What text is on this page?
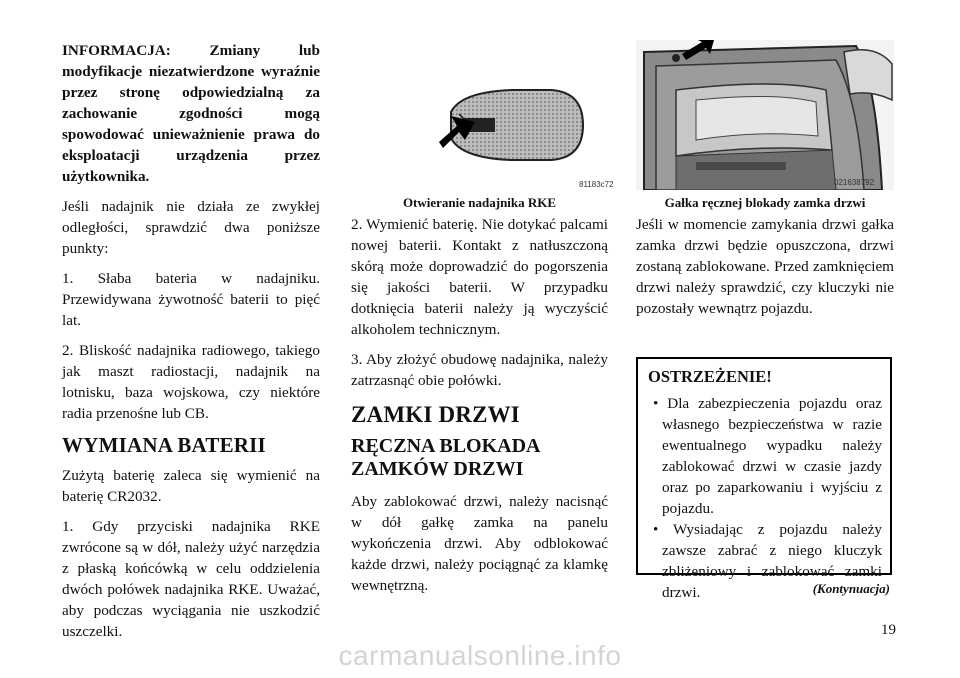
INFORMACJA: Zmiany lub modyfikacje niezatwierdzone wyraźnie przez stronę odpowiedzialną za zachowanie zgodności mogą spowodować unieważnienie prawa do eksploatacji urządzenia przez użytkownika.

Jeśli nadajnik nie działa ze zwykłej odległości, sprawdzić dwa poniższe punkty:

1. Słaba bateria w nadajniku. Przewidywana żywotność baterii to pięć lat.

2. Bliskość nadajnika radiowego, takiego jak maszt radiostacji, nadajnik na lotnisku, baza wojskowa, czy niektóre radia przenośne lub CB.

WYMIANA BATERII

Zużytą baterię zaleca się wymienić na baterię CR2032.

1. Gdy przyciski nadajnika RKE zwrócone są w dół, należy użyć narzędzia z płaską końcówką w celu oddzielenia dwóch połówek nadajnika RKE. Uważać, aby podczas wyciągania nie uszkodzić uszczelki.

81183c72
Otwieranie nadajnika RKE

2. Wymienić baterię. Nie dotykać palcami nowej baterii. Kontakt z natłuszczoną skórą może doprowadzić do pogorszenia się jakości baterii. W przypadku dotknięcia baterii należy ją wyczyścić alkoholem technicznym.

3. Aby złożyć obudowę nadajnika, należy zatrzasnąć obie połówki.

ZAMKI DRZWI
RĘCZNA BLOKADA ZAMKÓW DRZWI

Aby zablokować drzwi, należy nacisnąć w dół gałkę zamka na panelu wykończenia drzwi. Aby odblokować każde drzwi, należy pociągnąć za klamkę wewnętrzną.

021638792
Gałka ręcznej blokady zamka drzwi

Jeśli w momencie zamykania drzwi gałka zamka drzwi będzie opuszczona, drzwi zostaną zablokowane. Przed zamknięciem drzwi należy sprawdzić, czy kluczyki nie pozostały wewnątrz pojazdu.

OSTRZEŻENIE!
• Dla zabezpieczenia pojazdu oraz własnego bezpieczeństwa w razie ewentualnego wypadku należy zablokować drzwi w czasie jazdy oraz po zaparkowaniu i wyjściu z pojazdu.
• Wysiadając z pojazdu należy zawsze zabrać z niego kluczyk zbliżeniowy i zablokować zamki drzwi.	(Kontynuacja)
19
carmanualsonline.info
